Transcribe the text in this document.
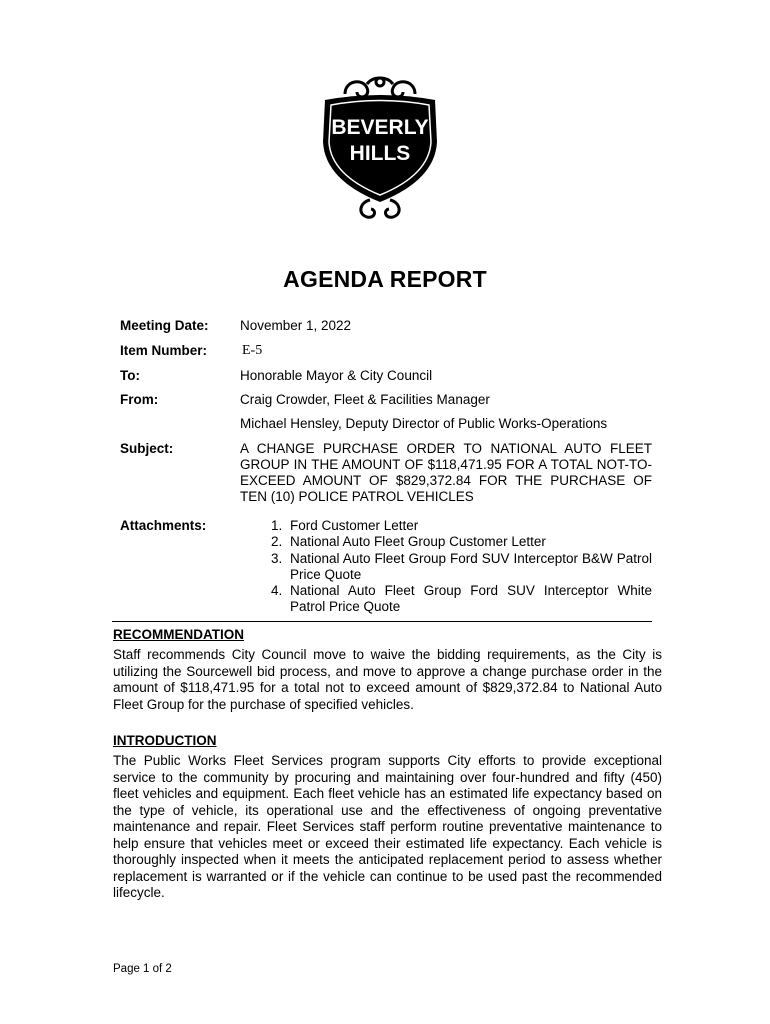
BEVERLY
HILLS
AGENDA REPORT
Meeting Date:	November 1, 2022
Item Number:	E-5
To:	Honorable Mayor & City Council
From:	Craig Crowder, Fleet & Facilities Manager
Michael Hensley, Deputy Director of Public Works-Operations
Subject:	A CHANGE PURCHASE ORDER TO NATIONAL AUTO FLEET GROUP IN THE AMOUNT OF $118,471.95 FOR A TOTAL NOT-TO-EXCEED AMOUNT OF $829,372.84 FOR THE PURCHASE OF TEN (10) POLICE PATROL VEHICLES
Attachments:
1.	Ford Customer Letter
2. National Auto Fleet Group Customer Letter
3. National Auto Fleet Group Ford SUV Interceptor B&W Patrol Price Quote
4. National Auto Fleet Group Ford SUV Interceptor White Patrol Price Quote
RECOMMENDATION
Staff recommends City Council move to waive the bidding requirements, as the City is utilizing the Sourcewell bid process, and move to approve a change purchase order in the amount of $118,471.95 for a total not to exceed amount of $829,372.84 to National Auto Fleet Group for the purchase of specified vehicles.
INTRODUCTION
The Public Works Fleet Services program supports City efforts to provide exceptional service to the community by procuring and maintaining over four-hundred and fifty (450) fleet vehicles and equipment. Each fleet vehicle has an estimated life expectancy based on the type of vehicle, its operational use and the effectiveness of ongoing preventative maintenance and repair. Fleet Services staff perform routine preventative maintenance to help ensure that vehicles meet or exceed their estimated life expectancy. Each vehicle is thoroughly inspected when it meets the anticipated replacement period to assess whether replacement is warranted or if the vehicle can continue to be used past the recommended lifecycle.
Page 1 of 2
